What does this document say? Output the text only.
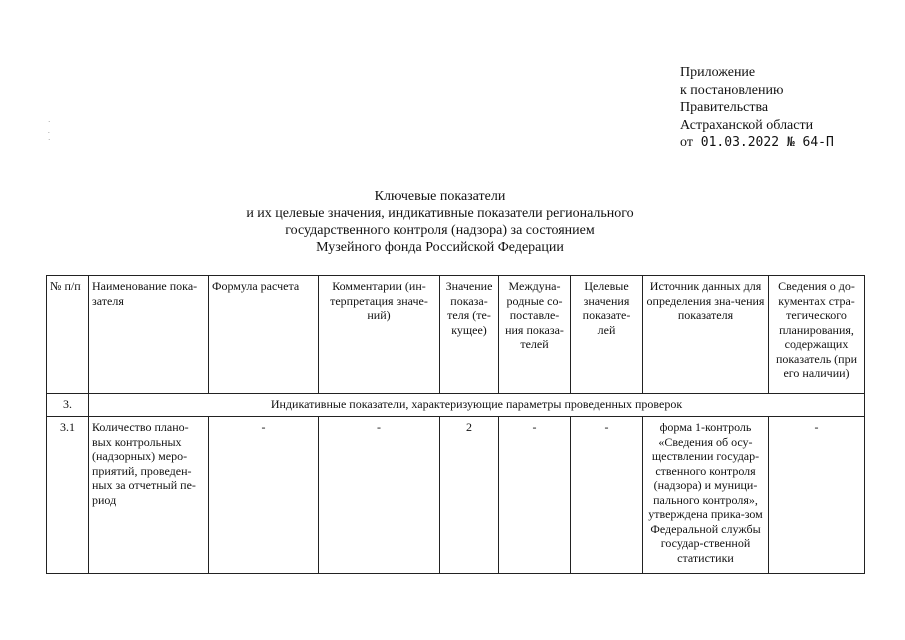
Приложение
к постановлению
Правительства
Астраханской области
от 01.03.2022 № 64-П
·
.
·
Ключевые показатели
и их целевые значения, индикативные показатели регионального
государственного контроля (надзора) за состоянием
Музейного фонда Российской Федерации
№ п/п	Наименование пока-зателя	Формула расчета	Комментарии (ин-терпретация значе-ний)	Значение показа-теля (те-кущее)	Междуна-родные со-поставле-ния показа-телей	Целевые значения показате-лей	Источник данных для определения зна-чения показателя	Сведения о до-кументах стра-тегического планирования, содержащих показатель (при его наличии)
3.	Индикативные показатели, характеризующие параметры проведенных проверок							
3.1	Количество плано-вых контрольных (надзорных) меро-приятий, проведен-ных за отчетный пе-риод	-	-	2	-	-	форма 1-контроль «Сведения об осу-ществлении государ-ственного контроля (надзора) и муници-пального контроля», утверждена прика-зом Федеральной службы государ-ственной статистики	-
